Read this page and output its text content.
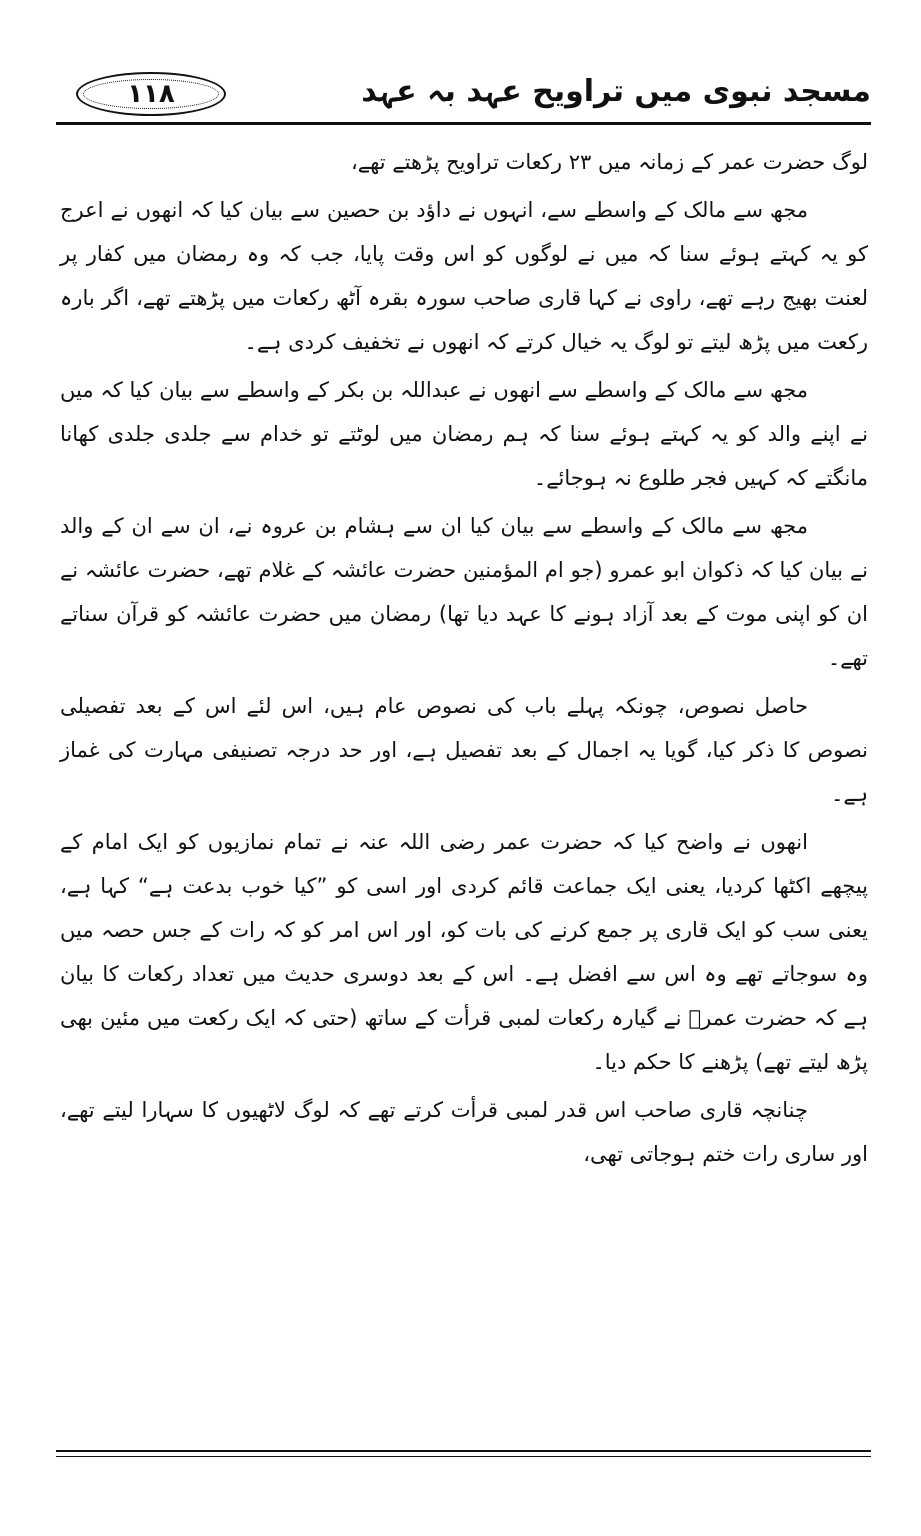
۱۱۸	مسجد نبوی میں تراویح عہد بہ عہد

لوگ حضرت عمر کے زمانہ میں ۲۳ رکعات تراویح پڑھتے تھے،

مجھ سے مالک کے واسطے سے، انہوں نے داؤد بن حصین سے بیان کیا کہ انھوں نے اعرج کو یہ کہتے ہوئے سنا کہ میں نے لوگوں کو اس وقت پایا، جب کہ وہ رمضان میں کفار پر لعنت بھیج رہے تھے، راوی نے کہا قاری صاحب سورہ بقرہ آٹھ رکعات میں پڑھتے تھے، اگر بارہ رکعت میں پڑھ لیتے تو لوگ یہ خیال کرتے کہ انھوں نے تخفیف کردی ہے۔

مجھ سے مالک کے واسطے سے انھوں نے عبداللہ بن بکر کے واسطے سے بیان کیا کہ میں نے اپنے والد کو یہ کہتے ہوئے سنا کہ ہم رمضان میں لوٹتے تو خدام سے جلدی جلدی کھانا مانگتے کہ کہیں فجر طلوع نہ ہوجائے۔

مجھ سے مالک کے واسطے سے بیان کیا ان سے ہشام بن عروہ نے، ان سے ان کے والد نے بیان کیا کہ ذکوان ابو عمرو (جو ام المؤمنین حضرت عائشہ کے غلام تھے، حضرت عائشہ نے ان کو اپنی موت کے بعد آزاد ہونے کا عہد دیا تھا) رمضان میں حضرت عائشہ کو قرآن سناتے تھے۔

حاصل نصوص، چونکہ پہلے باب کی نصوص عام ہیں، اس لئے اس کے بعد تفصیلی نصوص کا ذکر کیا، گویا یہ اجمال کے بعد تفصیل ہے، اور حد درجہ تصنیفی مہارت کی غماز ہے۔

انھوں نے واضح کیا کہ حضرت عمر رضی اللہ عنہ نے تمام نمازیوں کو ایک امام کے پیچھے اکٹھا کردیا، یعنی ایک جماعت قائم کردی اور اسی کو ”کیا خوب بدعت ہے“ کہا ہے، یعنی سب کو ایک قاری پر جمع کرنے کی بات کو، اور اس امر کو کہ رات کے جس حصہ میں وہ سوجاتے تھے وہ اس سے افضل ہے۔ اس کے بعد دوسری حدیث میں تعداد رکعات کا بیان ہے کہ حضرت عمرؓ نے گیارہ رکعات لمبی قرأت کے ساتھ (حتی کہ ایک رکعت میں مئین بھی پڑھ لیتے تھے) پڑھنے کا حکم دیا۔

چنانچہ قاری صاحب اس قدر لمبی قرأت کرتے تھے کہ لوگ لاٹھیوں کا سہارا لیتے تھے، اور ساری رات ختم ہوجاتی تھی،
